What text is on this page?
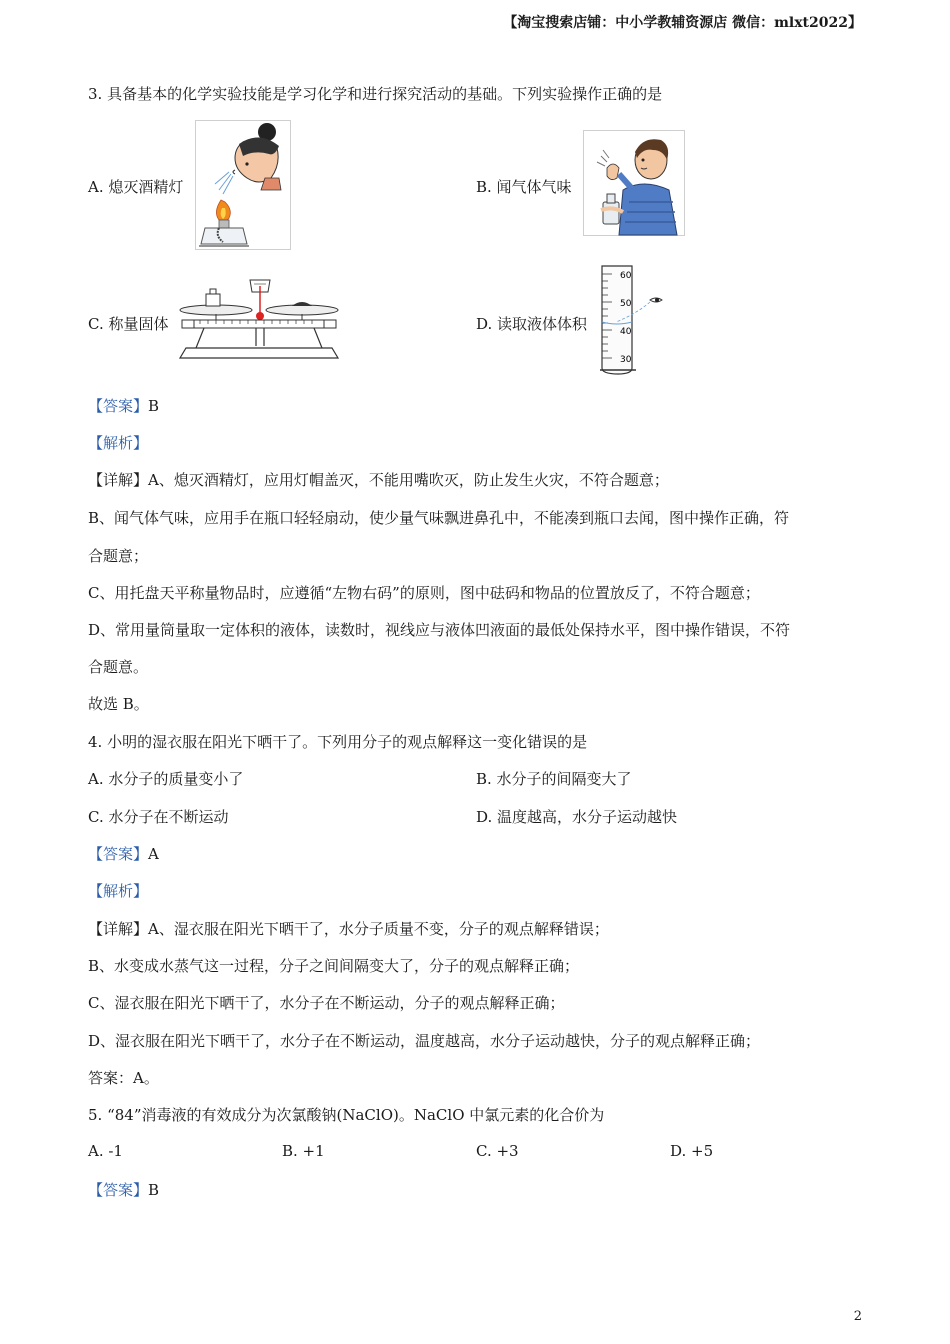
【淘宝搜索店铺：中小学教辅资源店 微信：mlxt2022】
3. 具备基本的化学实验技能是学习化学和进行探究活动的基础。下列实验操作正确的是
A. 熄灭酒精灯	B. 闻气体气味
C. 称量固体	D. 读取液体体积
60
50
40
30
【答案】B
【解析】
【详解】A、熄灭酒精灯，应用灯帽盖灭，不能用嘴吹灭，防止发生火灾，不符合题意；
B、闻气体气味，应用手在瓶口轻轻扇动，使少量气味飘进鼻孔中，不能凑到瓶口去闻，图中操作正确，符
合题意；
C、用托盘天平称量物品时，应遵循“左物右码”的原则，图中砝码和物品的位置放反了，不符合题意；
D、常用量筒量取一定体积的液体，读数时，视线应与液体凹液面的最低处保持水平，图中操作错误，不符
合题意。
故选 B。
4. 小明的湿衣服在阳光下晒干了。下列用分子的观点解释这一变化错误的是
A. 水分子的质量变小了	B. 水分子的间隔变大了
C. 水分子在不断运动	D. 温度越高，水分子运动越快
【答案】A
【解析】
【详解】A、湿衣服在阳光下晒干了，水分子质量不变，分子的观点解释错误；
B、水变成水蒸气这一过程，分子之间间隔变大了，分子的观点解释正确；
C、湿衣服在阳光下晒干了，水分子在不断运动，分子的观点解释正确；
D、湿衣服在阳光下晒干了，水分子在不断运动，温度越高，水分子运动越快，分子的观点解释正确；
答案：A。
5. “84”消毒液的有效成分为次氯酸钠(NaClO)。NaClO 中氯元素的化合价为
A. -1	B. +1	C. +3	D. +5
【答案】B
2
